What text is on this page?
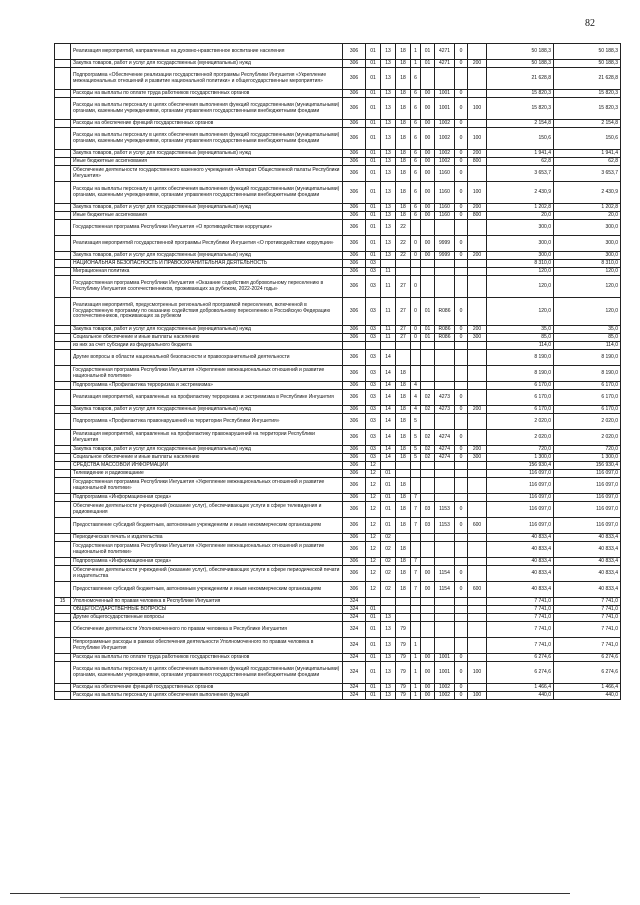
82
	Реализация мероприятий, направленных на духовно-нравственное воспитание населения	306	01	13	18	1	01	4271	0		50 188,3	50 188,3
	Закупка товаров, работ и услуг для государственных (муниципальных) нужд	306	01	13	18	1	01	4271	0	200	50 188,3	50 188,3
	Подпрограмма «Обеспечение реализации государственной программы Республики Ингушетия «Укрепление межнациональных отношений и развитие национальной политики» и общегосударственные мероприятия»	306	01	13	18	6					21 628,8	21 628,8
	Расходы на выплаты по оплате труда работников государственных органов	306	01	13	18	6	00	1001	0		15 820,3	15 820,3
	Расходы на выплаты персоналу в целях обеспечения выполнения функций государственными (муниципальными) органами, казенными учреждениями, органами управления государственными внебюджетными фондами	306	01	13	18	6	00	1001	0	100	15 820,3	15 820,3
	Расходы на обеспечение функций государственных органов	306	01	13	18	6	00	1002	0		2 154,8	2 154,8
	Расходы на выплаты персоналу в целях обеспечения выполнения функций государственными (муниципальными) органами, казенными учреждениями, органами управления государственными внебюджетными фондами	306	01	13	18	6	00	1002	0	100	150,6	150,6
	Закупка товаров, работ и услуг для государственных (муниципальных) нужд	306	01	13	18	6	00	1002	0	200	1 941,4	1 941,4
	Иные бюджетные ассигнования	306	01	13	18	6	00	1002	0	800	62,8	62,8
	Обеспечение деятельности государственного казенного учреждения «Аппарат Общественной палаты Республики Ингушетия»	306	01	13	18	6	00	1160	0		3 653,7	3 653,7
	Расходы на выплаты персоналу в целях обеспечения выполнения функций государственными (муниципальными) органами, казенными учреждениями, органами управления государственными внебюджетными фондами	306	01	13	18	6	00	1160	0	100	2 430,9	2 430,9
	Закупка товаров, работ и услуг для государственных (муниципальных) нужд	306	01	13	18	6	00	1160	0	200	1 202,8	1 202,8
	Иные бюджетные ассигнования	306	01	13	18	6	00	1160	0	800	20,0	20,0
	Государственная программа Республики Ингушетия «О противодействии коррупции»	306	01	13	22						300,0	300,0
	Реализация мероприятий государственной программы Республики Ингушетия «О противодействии коррупции»	306	01	13	22	0	00	9999	0		300,0	300,0
	Закупка товаров, работ и услуг для государственных (муниципальных) нужд	306	01	13	22	0	00	9999	0	200	300,0	300,0
	НАЦИОНАЛЬНАЯ БЕЗОПАСНОСТЬ И ПРАВООХРАНИТЕЛЬНАЯ ДЕЯТЕЛЬНОСТЬ	306	03								8 310,0	8 310,0
	Миграционная политика	306	03	11							120,0	120,0
	Государственная программа Республики Ингушетия «Оказание содействия добровольному переселению в Республику Ингушетия соотечественников, проживающих за рубежом, 2022-2024 годы»	306	03	11	27	0					120,0	120,0
	Реализация мероприятий, предусмотренных региональной программой переселения, включенной в Государственную программу по оказанию содействия добровольному переселению в Российскую Федерацию соотечественников, проживающих за рубежом	306	03	11	27	0	01	R086	0		120,0	120,0
	Закупка товаров, работ и услуг для государственных (муниципальных) нужд	306	03	11	27	0	01	R086	0	200	35,0	35,0
	Социальное обеспечение и иные выплаты населению	306	03	11	27	0	01	R086	0	300	85,0	85,0
	из них за счет субсидии из федерального бюджета										114,0	114,0
	Другие вопросы в области национальной безопасности и правоохранительной деятельности	306	03	14							8 190,0	8 190,0
	Государственная программа Республики Ингушетия «Укрепление межнациональных отношений и развитие национальной политики»	306	03	14	18						8 190,0	8 190,0
	Подпрограмма «Профилактика терроризма и экстремизма»	306	03	14	18	4					6 170,0	6 170,0
	Реализация мероприятий, направленных на профилактику терроризма и экстремизма в Республике Ингушетия	306	03	14	18	4	02	4273	0		6 170,0	6 170,0
	Закупка товаров, работ и услуг для государственных (муниципальных) нужд	306	03	14	18	4	02	4273	0	200	6 170,0	6 170,0
	Подпрограмма «Профилактика правонарушений на территории Республики Ингушетия»	306	03	14	18	5					2 020,0	2 020,0
	Реализация мероприятий, направленных на профилактику правонарушений на территории Республики Ингушетия	306	03	14	18	5	02	4274	0		2 020,0	2 020,0
	Закупка товаров, работ и услуг для государственных (муниципальных) нужд	306	03	14	18	5	02	4274	0	200	720,0	720,0
	Социальное обеспечение и иные выплаты населению	306	03	14	18	5	02	4274	0	300	1 300,0	1 300,0
	СРЕДСТВА МАССОВОЙ ИНФОРМАЦИИ	306	12								156 930,4	156 930,4
	Телевидение и радиовещание	306	12	01							116 097,0	116 097,0
	Государственная программа Республики Ингушетия «Укрепление межнациональных отношений и развитие национальной политики»	306	12	01	18						116 097,0	116 097,0
	Подпрограмма «Информационная среда»	306	12	01	18	7					116 097,0	116 097,0
	Обеспечение деятельности учреждений (оказание услуг), обеспечивающих услуги в сфере телевидения и радиовещания	306	12	01	18	7	03	1153	0		116 097,0	116 097,0
	Предоставление субсидий бюджетным, автономным учреждениям и иным некоммерческим организациям	306	12	01	18	7	03	1153	0	600	116 097,0	116 097,0
	Периодическая печать и издательства	306	12	02							40 833,4	40 833,4
	Государственная программа Республики Ингушетия «Укрепление межнациональных отношений и развитие национальной политики»	306	12	02	18						40 833,4	40 833,4
	Подпрограмма «Информационная среда»	306	12	02	18	7					40 833,4	40 833,4
	Обеспечение деятельности учреждений (оказание услуг), обеспечивающих услуги в сфере периодической печати и издательства	306	12	02	18	7	00	1154	0		40 833,4	40 833,4
	Предоставление субсидий бюджетным, автономным учреждениям и иным некоммерческим организациям	306	12	02	18	7	00	1154	0	600	40 833,4	40 833,4
15	Уполномоченный по правам человека в Республике Ингушетия	324									7 741,0	7 741,0
	ОБЩЕГОСУДАРСТВЕННЫЕ ВОПРОСЫ	324	01								7 741,0	7 741,0
	Другие общегосударственные вопросы	324	01	13							7 741,0	7 741,0
	Обеспечение деятельности Уполномоченного по правам человека в Республике Ингушетия	324	01	13	79						7 741,0	7 741,0
	Непрограммные расходы в рамках обеспечения деятельности Уполномоченного по правам человека в Республике Ингушетия	324	01	13	79	1					7 741,0	7 741,0
	Расходы на выплаты по оплате труда работников государственных органов	324	01	13	79	1	00	1001	0		6 274,6	6 274,6
	Расходы на выплаты персоналу в целях обеспечения выполнения функций государственными (муниципальными) органами, казенными учреждениями, органами управления государственными внебюджетными фондами	324	01	13	79	1	00	1001	0	100	6 274,6	6 274,6
	Расходы на обеспечение функций государственных органов	324	01	13	79	1	00	1002	0		1 466,4	1 466,4
	Расходы на выплаты персоналу в целях обеспечения выполнения функций	324	01	13	79	1	00	1002	0	100	440,0	440,0
